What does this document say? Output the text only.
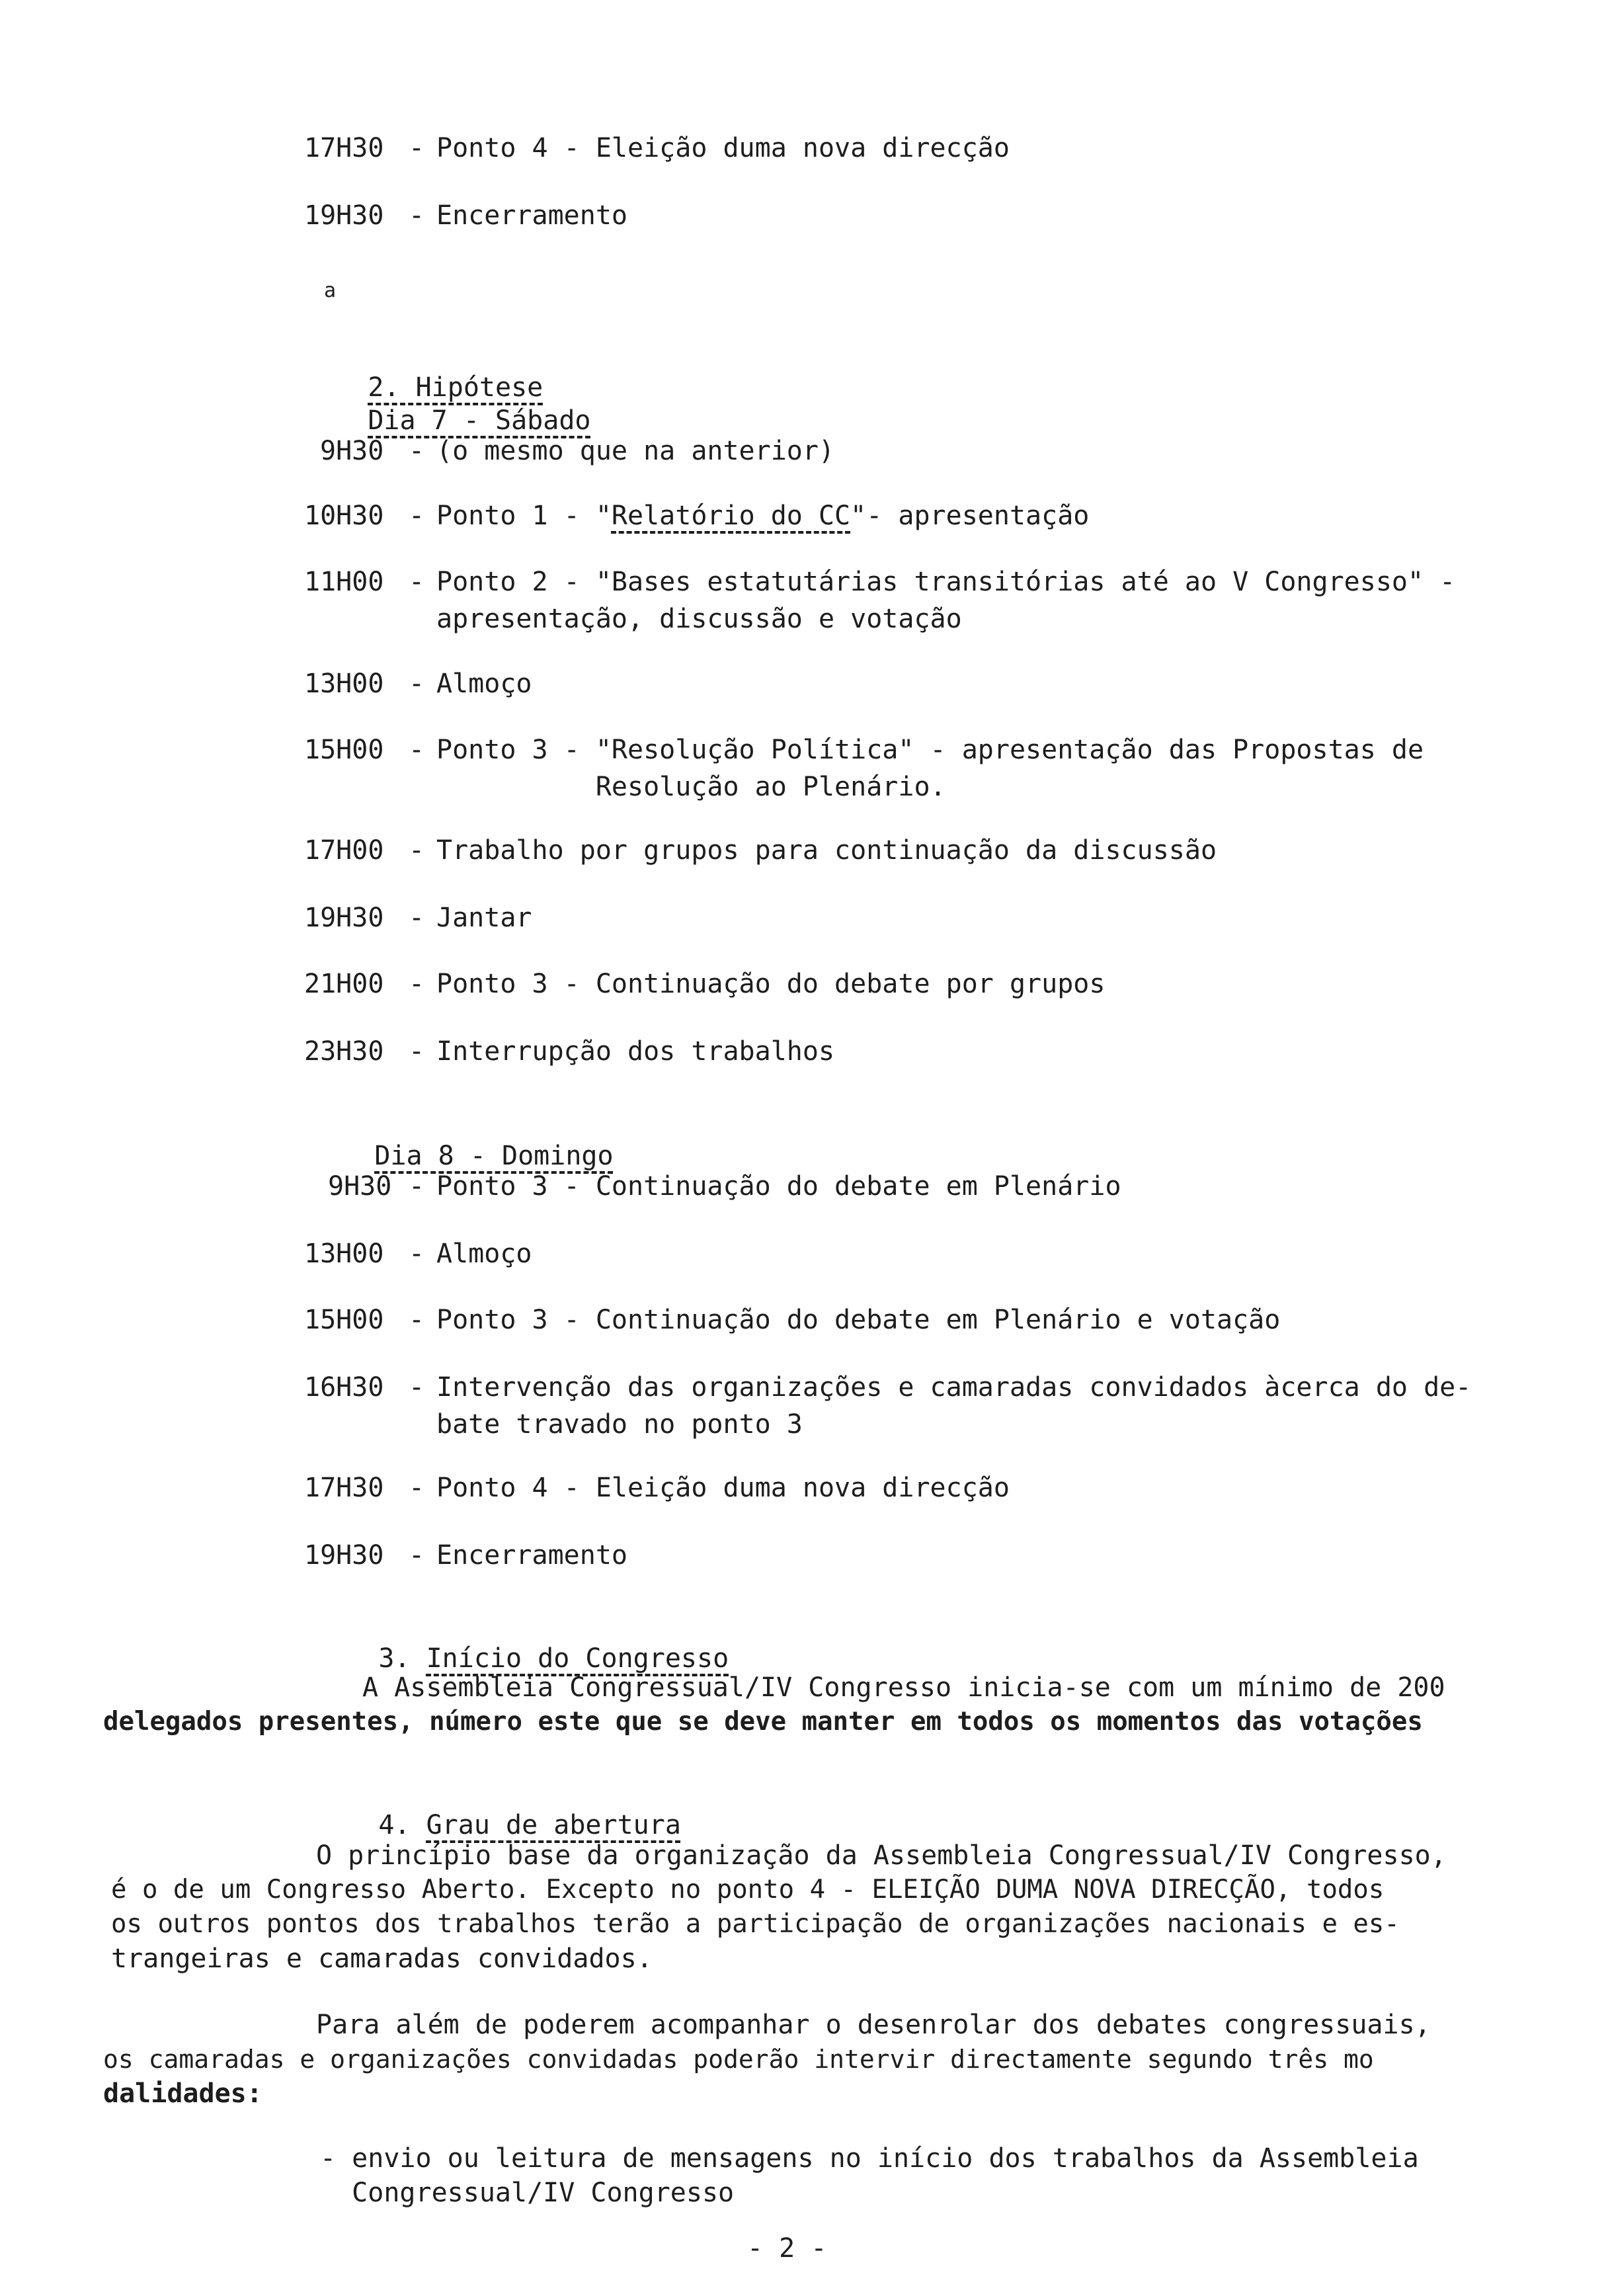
17H30 - Ponto 4 - Eleição duma nova direcção
19H30 - Encerramento

a

2. Hipótese

Dia 7 - Sábado

9H30 - (o mesmo que na anterior)
10H30 - Ponto 1 - "Relatório do CC"- apresentação
11H00 - Ponto 2 - "Bases estatutárias transitórias até ao V Congresso" -
apresentação, discussão e votação
13H00 - Almoço
15H00 - Ponto 3 - "Resolução Política" - apresentação das Propostas de
Resolução ao Plenário.
17H00 - Trabalho por grupos para continuação da discussão
19H30 - Jantar
21H00 - Ponto 3 - Continuação do debate por grupos
23H30 - Interrupção dos trabalhos

Dia 8 - Domingo

9H30 - Ponto 3 - Continuação do debate em Plenário
13H00 - Almoço
15H00 - Ponto 3 - Continuação do debate em Plenário e votação
16H30 - Intervenção das organizações e camaradas convidados àcerca do de-
bate travado no ponto 3
17H30 - Ponto 4 - Eleição duma nova direcção
19H30 - Encerramento

3. Início do Congresso

A Assembleia Congressual/IV Congresso inicia-se com um mínimo de 200
delegados presentes, número este que se deve manter em todos os momentos das votações

4. Grau de abertura

O princípio base da organização da Assembleia Congressual/IV Congresso,
é o de um Congresso Aberto. Excepto no ponto 4 - ELEIÇÃO DUMA NOVA DIRECÇÃO, todos
os outros pontos dos trabalhos terão a participação de organizações nacionais e es-
trangeiras e camaradas convidados.
Para além de poderem acompanhar o desenrolar dos debates congressuais,
os camaradas e organizações convidadas poderão intervir directamente segundo três mo
dalidades:
- envio ou leitura de mensagens no início dos trabalhos da Assembleia
Congressual/IV Congresso
- 2 -
